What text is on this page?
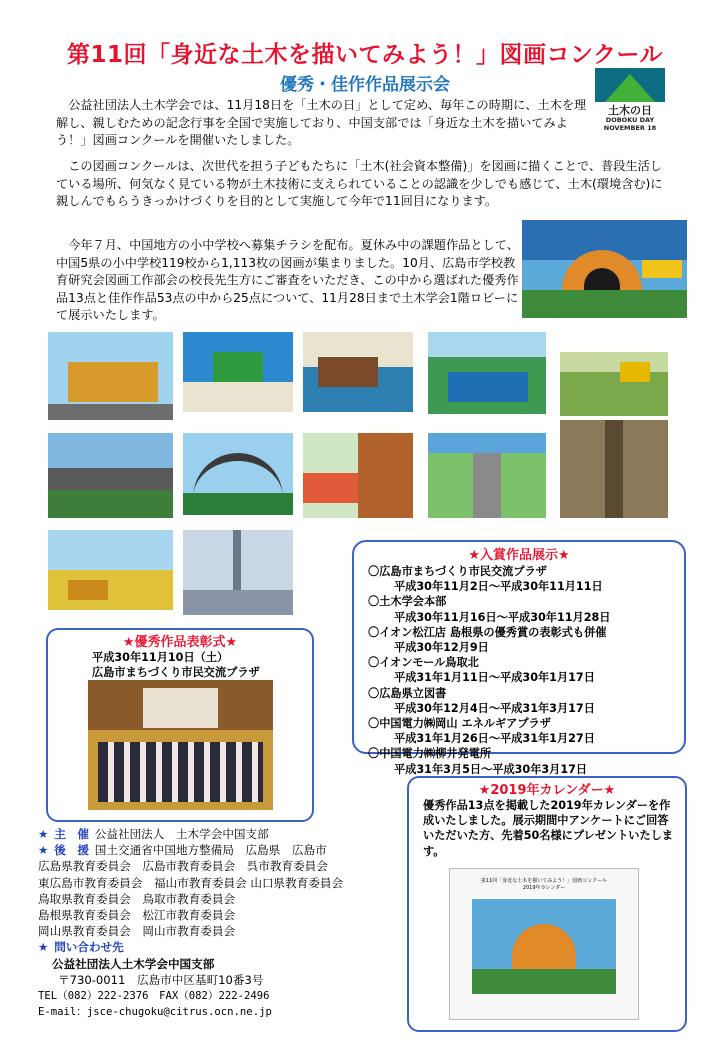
第11回「身近な土木を描いてみよう！」図画コンクール
優秀・佳作作品展示会
土木の日
DOBOKU DAY
NOVEMBER 18
 公益社団法人土木学会では、11月18日を「土木の日」として定め、毎年この時期に、土木を理解し、親しむための記念行事を全国で実施しており、中国支部では「身近な土木を描いてみよう！」図画コンクールを開催いたしました。
 この図画コンクールは、次世代を担う子どもたちに「土木(社会資本整備)」を図画に描くことで、普段生活している場所、何気なく見ている物が土木技術に支えられていることの認識を少しでも感じて、土木(環境含む)に親しんでもらうきっかけづくりを目的として実施して今年で11回目になります。
 今年７月、中国地方の小中学校へ募集チラシを配布。夏休み中の課題作品として、中国5県の小中学校119校から1,113枚の図画が集まりました。10月、広島市学校教育研究会図画工作部会の校長先生方にご審査をいただき、この中から選ばれた優秀作品13点と佳作作品53点の中から25点について、11月28日まで土木学会1階ロビーにて展示いたします。
★入賞作品展示★
〇広島市まちづくり市民交流プラザ
平成30年11月2日～平成30年11月11日
〇土木学会本部
平成30年11月16日～平成30年11月28日
〇イオン松江店 島根県の優秀賞の表彰式も併催
平成30年12月9日
〇イオンモール鳥取北
平成31年1月11日～平成30年1月17日
〇広島県立図書
平成30年12月4日～平成31年3月17日
〇中国電力㈱岡山 エネルギアプラザ
平成31年1月26日～平成31年1月27日
〇中国電力㈱柳井発電所
平成31年3月5日～平成30年3月17日
★優秀作品表彰式★
平成30年11月10日（土）
広島市まちづくり市民交流プラザ
★2019年カレンダー★
優秀作品13点を掲載した2019年カレンダーを作成いたしました。展示期間中アンケートにご回答いただいた方、先着50名様にプレゼントいたします。
第11回「身近な土木を描いてみよう！」図画コンクール
2019年カレンダー
★  主　催  公益社団法人　土木学会中国支部
★  後　援  国土交通省中国地方整備局　広島県　広島市
広島県教育委員会　広島市教育委員会　呉市教育委員会
東広島市教育委員会　福山市教育委員会 山口県教育委員会
鳥取県教育委員会　鳥取市教育委員会
島根県教育委員会　松江市教育委員会
岡山県教育委員会　岡山市教育委員会
★  問い合わせ先
公益社団法人土木学会中国支部
〒730-0011　広島市中区基町10番3号
TEL（082）222-2376　FAX（082）222-2496
E-mail：jsce-chugoku@citrus.ocn.ne.jp
